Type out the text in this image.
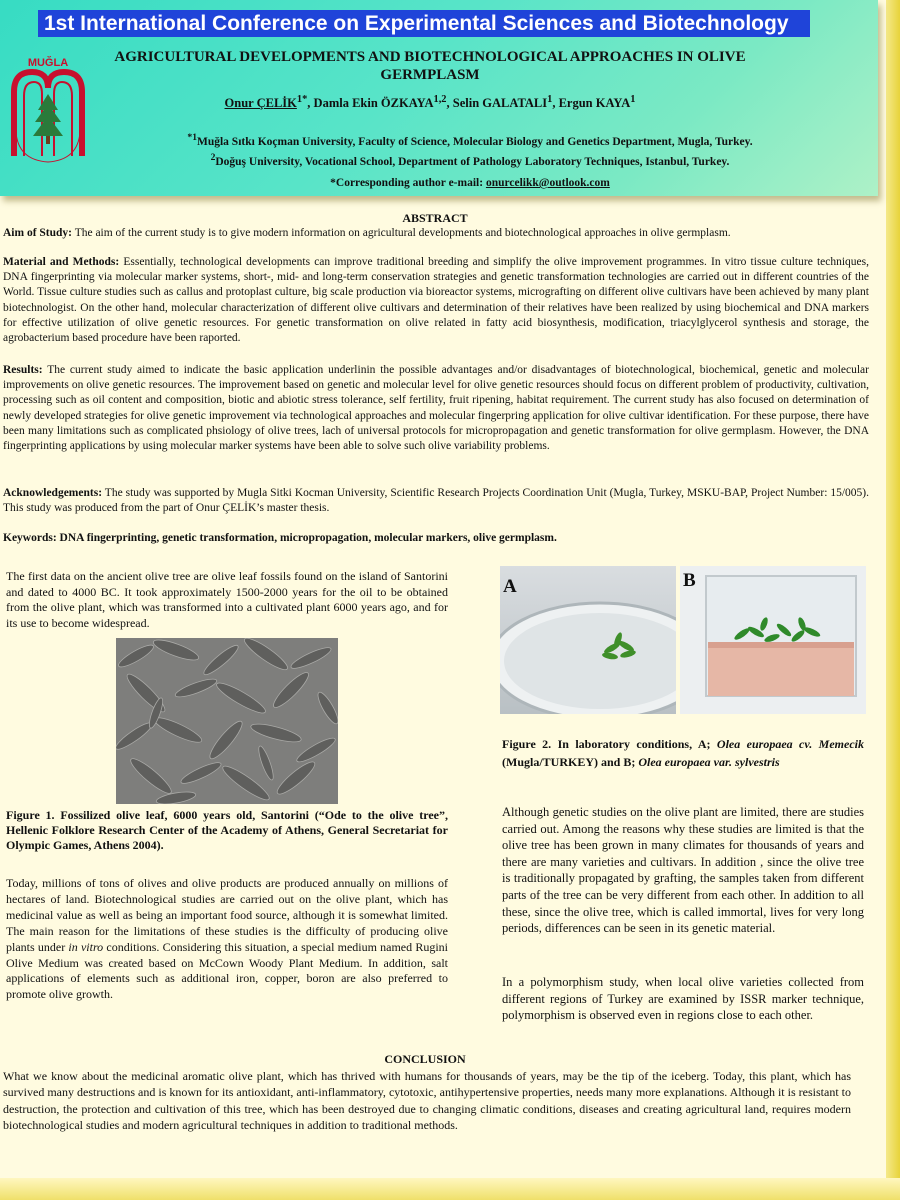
1st International Conference on Experimental Sciences and Biotechnology
MUĞLA	AGRICULTURAL DEVELOPMENTS AND BIOTECHNOLOGICAL APPROACHES IN OLIVE GERMPLASM
Onur $ÇELİK^{1*}$, Damla Ekin ÖZKAYA$^{1,2}$, Selin GALATALI$^1$, Ergun KAYA$^1$
$^{*1}$Muğla Sıtkı Koçman University, Faculty of Science, Molecular Biology and Genetics Department, Mugla, Turkey.
$^2$Doğuş University, Vocational School, Department of Pathology Laboratory Techniques, Istanbul, Turkey.
*Corresponding author e-mail: onurcelikk@outlook.com
ABSTRACT
Aim of Study: The aim of the current study is to give modern information on agricultural developments and biotechnological approaches in olive germplasm.
Material and Methods: Essentially, technological developments can improve traditional breeding and simplify the olive improvement programmes. In vitro tissue culture techniques, DNA fingerprinting via molecular marker systems, short-, mid- and long-term conservation strategies and genetic transformation technologies are carried out in different countries of the World. Tissue culture studies such as callus and protoplast culture, big scale production via bioreactor systems, micrografting on different olive cultivars have been achieved by many plant biotechnologist. On the other hand, molecular characterization of different olive cultivars and determination of their relatives have been realized by using biochemical and DNA markers for effective utilization of olive genetic resources. For genetic transformation on olive related in fatty acid biosynthesis, modification, triacylglycerol synthesis and storage, the agrobacterium based procedure have been raported.
Results: The current study aimed to indicate the basic application underlinin the possible advantages and/or disadvantages of biotechnological, biochemical, genetic and molecular improvements on olive genetic resources. The improvement based on genetic and molecular level for olive genetic resources should focus on different problem of productivity, cultivation, processing such as oil content and composition, biotic and abiotic stress tolerance, self fertility, fruit ripening, habitat requirement. The current study has also focused on determination of newly developed strategies for olive genetic improvement via technological approaches and molecular fingerpring application for olive cultivar identification. For these purpose, there have been many limitations such as complicated phsiology of olive trees, lach of universal protocols for micropropagation and genetic transformation for olive germplasm. However, the DNA fingerprinting applications by using molecular marker systems have been able to solve such olive variability problems.
Acknowledgements: The study was supported by Mugla Sitki Kocman University, Scientific Research Projects Coordination Unit (Mugla, Turkey, MSKU-BAP, Project Number: 15/005). This study was produced from the part of Onur ÇELİK’s master thesis.
Keywords: DNA fingerprinting, genetic transformation, micropropagation, molecular markers, olive germplasm.
The first data on the ancient olive tree are olive leaf fossils found on the island of Santorini and dated to 4000 BC. It took approximately 1500-2000 years for the oil to be obtained from the olive plant, which was transformed into a cultivated plant 6000 years ago, and for its use to become widespread.
Figure 1. Fossilized olive leaf, 6000 years old, Santorini (“Ode to the olive tree”, Hellenic Folklore Research Center of the Academy of Athens, General Secretariat for Olympic Games, Athens 2004).
Today, millions of tons of olives and olive products are produced annually on millions of hectares of land. Biotechnological studies are carried out on the olive plant, which has medicinal value as well as being an important food source, although it is somewhat limited. The main reason for the limitations of these studies is the difficulty of producing olive plants under in vitro conditions. Considering this situation, a special medium named Rugini Olive Medium was created based on McCown Woody Plant Medium. In addition, salt applications of elements such as additional iron, copper, boron are also preferred to promote olive growth.
A	B
Figure 2. In laboratory conditions, A; Olea europaea cv. Memecik (Mugla/TURKEY) and B; Olea europaea var. sylvestris
Although genetic studies on the olive plant are limited, there are studies carried out. Among the reasons why these studies are limited is that the olive tree has been grown in many climates for thousands of years and there are many varieties and cultivars. In addition , since the olive tree is traditionally propagated by grafting, the samples taken from different parts of the tree can be very different from each other. In addition to all these, since the olive tree, which is called immortal, lives for very long periods, differences can be seen in its genetic material.
In a polymorphism study, when local olive varieties collected from different regions of Turkey are examined by ISSR marker technique, polymorphism is observed even in regions close to each other.
CONCLUSION
What we know about the medicinal aromatic olive plant, which has thrived with humans for thousands of years, may be the tip of the iceberg. Today, this plant, which has survived many destructions and is known for its antioxidant, anti-inflammatory, cytotoxic, antihypertensive properties, needs many more explanations. Although it is resistant to destruction, the protection and cultivation of this tree, which has been destroyed due to changing climatic conditions, diseases and creating agricultural land, requires modern biotechnological studies and modern agricultural techniques in addition to traditional methods.
